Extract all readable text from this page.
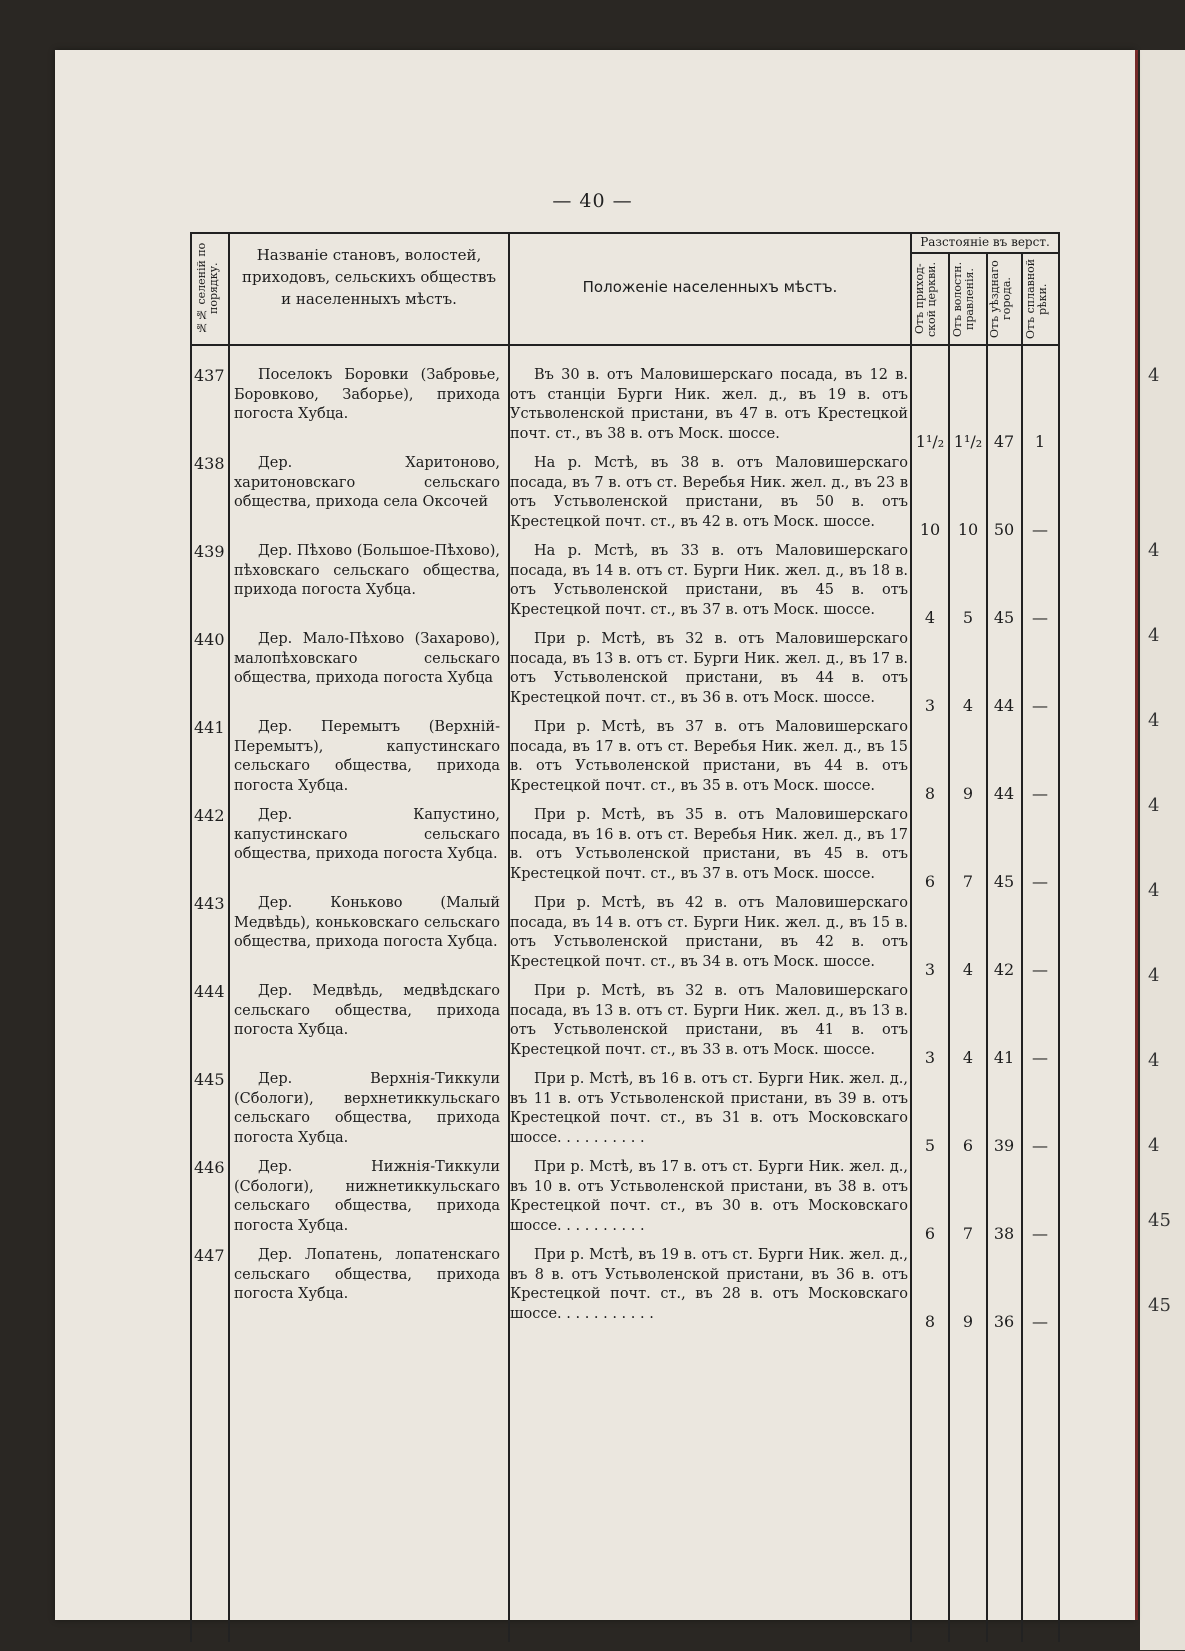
4
4
4
4
4
4
4
4
4
45
45
— 40 —
№№ селеній по порядку.
Названіе становъ, волостей, приходовъ, сельскихъ обществъ и населенныхъ мѣстъ.
Положеніе населенныхъ мѣстъ.
Разстояніе въ верст.
Отъ приход-ской церкви.	Отъ волостн. правленія.	Отъ уѣзднаго города.	Отъ сплавной рѣки.
437	Поселокъ Боровки (Забровье, Боровково, Заборье), прихода погоста Хубца.
Въ 30 в. отъ Маловишерскаго посада, въ 12 в. отъ станціи Бурги Ник. жел. д., въ 19 в. отъ Устьволенской пристани, въ 47 в. отъ Крестецкой почт. ст., въ 38 в. отъ Моск. шоссе.	1¹/₂ 1¹/₂ 47	1
438	Дер. Харитоново, харитоновскаго сельскаго общества, прихода села Оксочей
На р. Мстѣ, въ 38 в. отъ Маловишерскаго посада, въ 7 в. отъ ст. Веребья Ник. жел. д., въ 23 в отъ Устьволенской пристани, въ 50 в. отъ Крестецкой почт. ст., въ 42 в. отъ Моск. шоссе.	10	10 50	—
439	Дер. Пѣхово (Большое-Пѣхово), пѣховскаго сельскаго общества, прихода погоста Хубца.
На р. Мстѣ, въ 33 в. отъ Маловишерскаго посада, въ 14 в. отъ ст. Бурги Ник. жел. д., въ 18 в. отъ Устьволенской пристани, въ 45 в. отъ Крестецкой почт. ст., въ 37 в. отъ Моск. шоссе.	4	5	45	—
440	Дер. Мало-Пѣхово (Захарово), малопѣховскаго сельскаго общества, прихода погоста Хубца
При р. Мстѣ, въ 32 в. отъ Маловишерскаго посада, въ 13 в. отъ ст. Бурги Ник. жел. д., въ 17 в. отъ Устьволенской пристани, въ 44 в. отъ Крестецкой почт. ст., въ 36 в. отъ Моск. шоссе.	3	4	44	—
441	Дер. Перемытъ (Верхній-Перемытъ), капустинскаго сельскаго общества, прихода погоста Хубца.
При р. Мстѣ, въ 37 в. отъ Маловишерскаго посада, въ 17 в. отъ ст. Веребья Ник. жел. д., въ 15 в. отъ Устьволенской пристани, въ 44 в. отъ Крестецкой почт. ст., въ 35 в. отъ Моск. шоссе.	8	9	44	—
442	Дер. Капустино, капустинскаго сельскаго общества, прихода погоста Хубца.
При р. Мстѣ, въ 35 в. отъ Маловишерскаго посада, въ 16 в. отъ ст. Веребья Ник. жел. д., въ 17 в. отъ Устьволенской пристани, въ 45 в. отъ Крестецкой почт. ст., въ 37 в. отъ Моск. шоссе.	6	7	45	—
443	Дер. Коньково (Малый Медвѣдь), коньковскаго сельскаго общества, прихода погоста Хубца.
При р. Мстѣ, въ 42 в. отъ Маловишерскаго посада, въ 14 в. отъ ст. Бурги Ник. жел. д., въ 15 в. отъ Устьволенской пристани, въ 42 в. отъ Крестецкой почт. ст., въ 34 в. отъ Моск. шоссе.	3	4	42	—
444	Дер. Медвѣдь, медвѣдскаго сельскаго общества, прихода погоста Хубца.
При р. Мстѣ, въ 32 в. отъ Маловишерскаго посада, въ 13 в. отъ ст. Бурги Ник. жел. д., въ 13 в. отъ Устьволенской пристани, въ 41 в. отъ Крестецкой почт. ст., въ 33 в. отъ Моск. шоссе.	3	4	41	—
445	Дер. Верхнія-Тиккули (Сбологи), верхнетиккульскаго сельскаго общества, прихода погоста Хубца.
При р. Мстѣ, въ 16 в. отъ ст. Бурги Ник. жел. д., въ 11 в. отъ Устьволенской пристани, въ 39 в. отъ Крестецкой почт. ст., въ 31 в. отъ Московскаго шоссе. . . . . . . . . .	5	6	39	—
446	Дер. Нижнія-Тиккули (Сбологи), нижнетиккульскаго сельскаго общества, прихода погоста Хубца.
При р. Мстѣ, въ 17 в. отъ ст. Бурги Ник. жел. д., въ 10 в. отъ Устьволенской пристани, въ 38 в. отъ Крестецкой почт. ст., въ 30 в. отъ Московскаго шоссе. . . . . . . . . .	6	7	38	—
447	Дер. Лопатень, лопатенскаго сельскаго общества, прихода погоста Хубца.
При р. Мстѣ, въ 19 в. отъ ст. Бурги Ник. жел. д., въ 8 в. отъ Устьволенской пристани, въ 36 в. отъ Крестецкой почт. ст., въ 28 в. отъ Московскаго шоссе. . . . . . . . . . .	8	9	36	—
